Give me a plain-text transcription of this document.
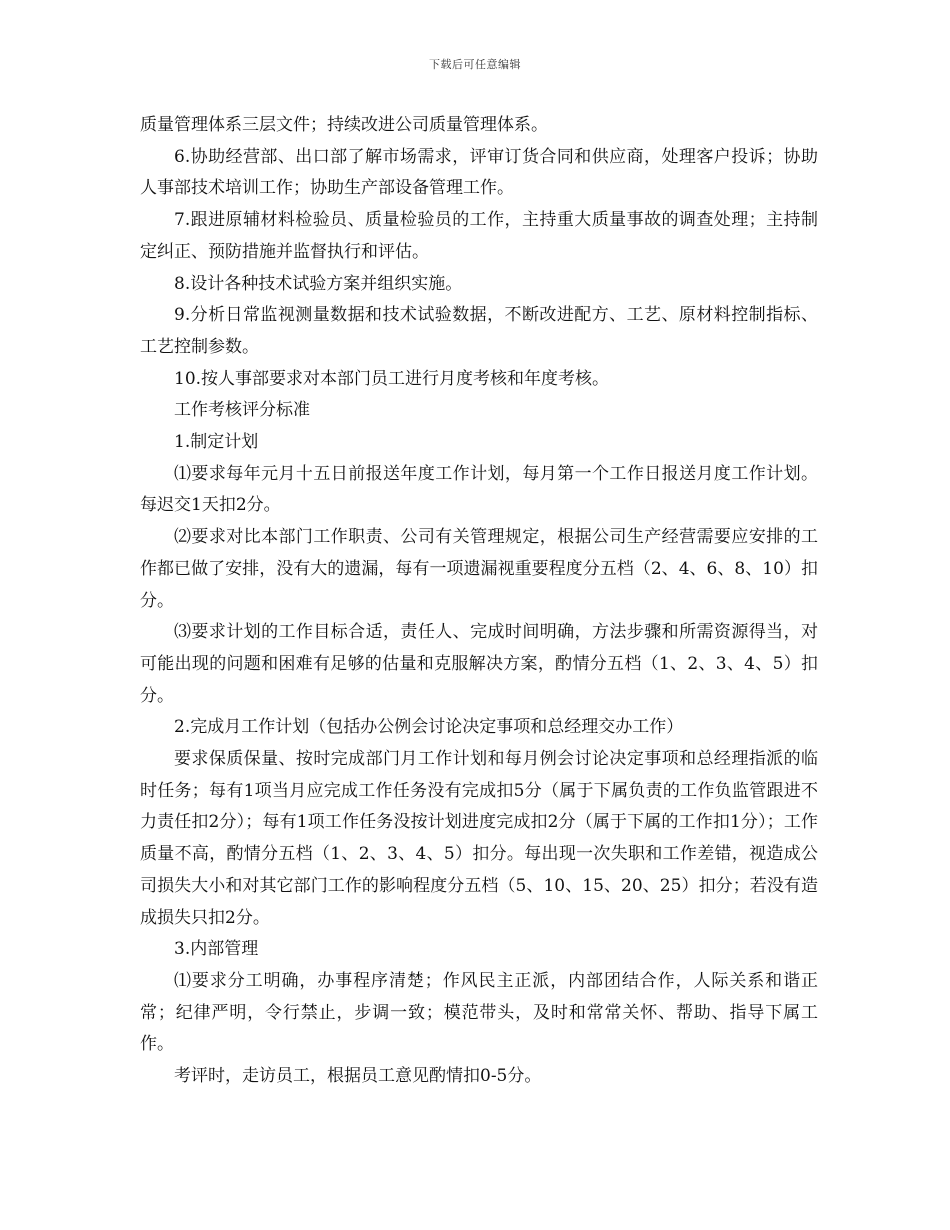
下载后可任意编辑

质量管理体系三层文件；持续改进公司质量管理体系。

6.协助经营部、出口部了解市场需求，评审订货合同和供应商，处理客户投诉；协助人事部技术培训工作；协助生产部设备管理工作。

7.跟进原辅材料检验员、质量检验员的工作，主持重大质量事故的调查处理；主持制定纠正、预防措施并监督执行和评估。

8.设计各种技术试验方案并组织实施。

9.分析日常监视测量数据和技术试验数据，不断改进配方、工艺、原材料控制指标、工艺控制参数。

10.按人事部要求对本部门员工进行月度考核和年度考核。

工作考核评分标准

1.制定计划

⑴要求每年元月十五日前报送年度工作计划，每月第一个工作日报送月度工作计划。每迟交1天扣2分。

⑵要求对比本部门工作职责、公司有关管理规定，根据公司生产经营需要应安排的工作都已做了安排，没有大的遗漏，每有一项遗漏视重要程度分五档（2、4、6、8、10）扣分。

⑶要求计划的工作目标合适，责任人、完成时间明确，方法步骤和所需资源得当，对可能出现的问题和困难有足够的估量和克服解决方案，酌情分五档（1、2、3、4、5）扣分。

2.完成月工作计划（包括办公例会讨论决定事项和总经理交办工作）

要求保质保量、按时完成部门月工作计划和每月例会讨论决定事项和总经理指派的临时任务；每有1项当月应完成工作任务没有完成扣5分（属于下属负责的工作负监管跟进不力责任扣2分）；每有1项工作任务没按计划进度完成扣2分（属于下属的工作扣1分）；工作质量不高，酌情分五档（1、2、3、4、5）扣分。每出现一次失职和工作差错，视造成公司损失大小和对其它部门工作的影响程度分五档（5、10、15、20、25）扣分；若没有造成损失只扣2分。

3.内部管理

⑴要求分工明确，办事程序清楚；作风民主正派，内部团结合作，人际关系和谐正常；纪律严明，令行禁止，步调一致；模范带头，及时和常常关怀、帮助、指导下属工作。

考评时，走访员工，根据员工意见酌情扣0-5分。
